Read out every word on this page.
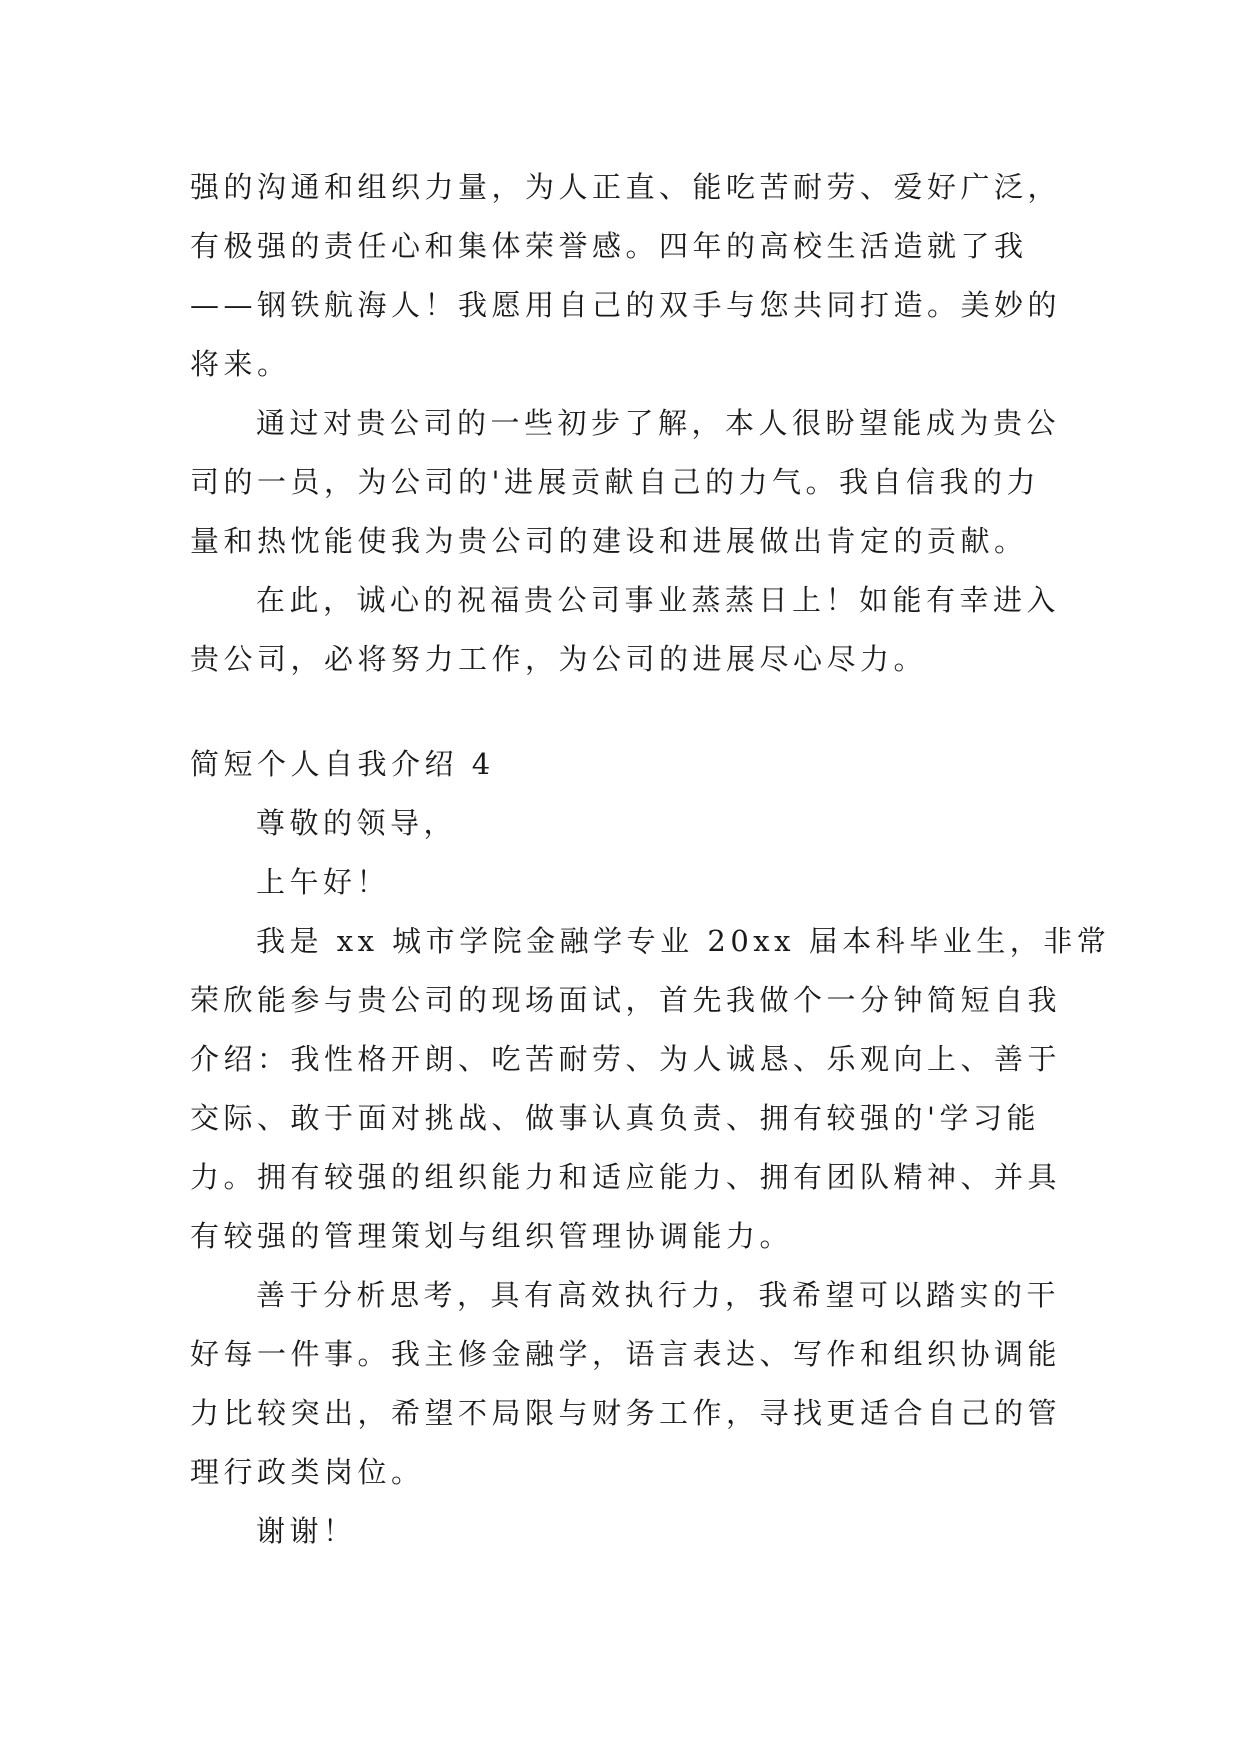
强的沟通和组织力量，为人正直、能吃苦耐劳、爱好广泛，
有极强的责任心和集体荣誉感。四年的高校生活造就了我
——钢铁航海人！我愿用自己的双手与您共同打造。美妙的
将来。
通过对贵公司的一些初步了解，本人很盼望能成为贵公
司的一员，为公司的'进展贡献自己的力气。我自信我的力
量和热忱能使我为贵公司的建设和进展做出肯定的贡献。
在此，诚心的祝福贵公司事业蒸蒸日上！如能有幸进入
贵公司，必将努力工作，为公司的进展尽心尽力。
简短个人自我介绍 4
尊敬的领导，
上午好！
我是 xx 城市学院金融学专业 20xx 届本科毕业生，非常
荣欣能参与贵公司的现场面试，首先我做个一分钟简短自我
介绍：我性格开朗、吃苦耐劳、为人诚恳、乐观向上、善于
交际、敢于面对挑战、做事认真负责、拥有较强的'学习能
力。拥有较强的组织能力和适应能力、拥有团队精神、并具
有较强的管理策划与组织管理协调能力。
善于分析思考，具有高效执行力，我希望可以踏实的干
好每一件事。我主修金融学，语言表达、写作和组织协调能
力比较突出，希望不局限与财务工作，寻找更适合自己的管
理行政类岗位。
谢谢！
